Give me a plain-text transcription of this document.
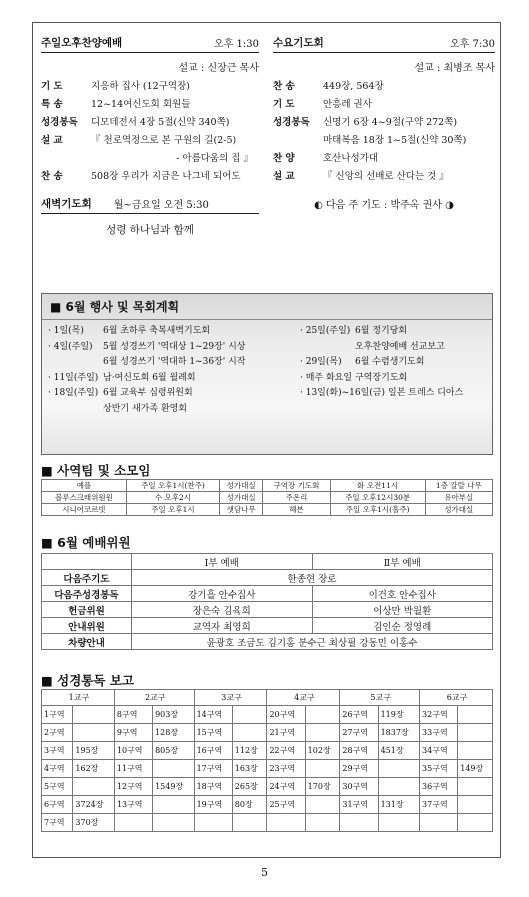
주일오후찬양예배	오후 1:30
설교 : 신장근 목사
기 도	지응하 집사 (12구역장)
특 송	12~14여신도회 회원들
성경봉독	디모데전서 4장 5절(신약 340쪽)
설 교	『 천로역정으로 본 구원의 길(2-5)
- 아름다움의 집 』
찬 송	508장 우리가 지금은 나그네 되어도
새벽기도회 월~금요일 오전 5:30
성령 하나님과 함께
수요기도회	오후 7:30
설교 : 최병조 목사
찬 송	449장, 564장
기 도	안흥레 권사
성경봉독	신명기 6장 4~9절(구약 272쪽)
마태복음 18장 1~5절(신약 30쪽)
찬 양	호산나성가대
설 교	『 신앙의 선배로 산다는 것 』
◐ 다음 주 기도 : 박주옥 권사 ◑
■ 6월 행사 및 목회계획
· 1일(목)	6월 초하루 축복새벽기도회
· 4일(주일)	5월 성경쓰기 '역대상 1~29장' 시상
6월 성경쓰기 '역대하 1~36장' 시작
· 11일(주일) 남·여신도회 6월 월례회
· 18일(주일) 6월 교육부 심령위원회
상반기 새가족 환영회
· 25일(주일) 6월 정기당회
오후찬양예배 선교보고
· 29일(목)	6월 수렴생기도회
· 매주 화요일 구역장기도회
· 13일(화)~16일(금) 일본 트레스 디아스
■ 사역팀 및 소모임
예플	주일 오후1시(찬주)	성가대실	구역장 기도회	화 오전11시	1층 갈랄 나무
블루스크래위원원	수 오후2시	성가대실	주온리	주일 오후12시30분	유아부실
시니어코르빗	주일 오후1시	샛담나무	헤븐	주일 오후1시(홀주)	성가대실
■ 6월 예배위원
	Ⅰ부 예배	Ⅱ부 예배
다음주기도	한종현 장로	
다음주성경봉독	강기흘 안수집사	이건호 안수집사
헌금위원	장은숙 김육희	이상만 박월환
안내위원	교역자 최영희	김인순 정영례
차량안내	윤광호 조금도 김기홍 분수근 최상필 강동민 이홍수	
■ 성경통독 보고
1교구		2교구		3교구		4교구		5교구		6교구	
1구역		8구역	903장	14구역		20구역		26구역	119장	32구역	
2구역		9구역	128장	15구역		21구역		27구역	1837장	33구역	
3구역	195장	10구역	805장	16구역	112장	22구역	102장	28구역	451장	34구역	
4구역	162장	11구역		17구역	163장	23구역		29구역		35구역	149장
5구역		12구역	1549장	18구역	265장	24구역	170장	30구역		36구역	
6구역	3724장	13구역		19구역	80장	25구역		31구역	131장	37구역	
7구역	370장										
5
